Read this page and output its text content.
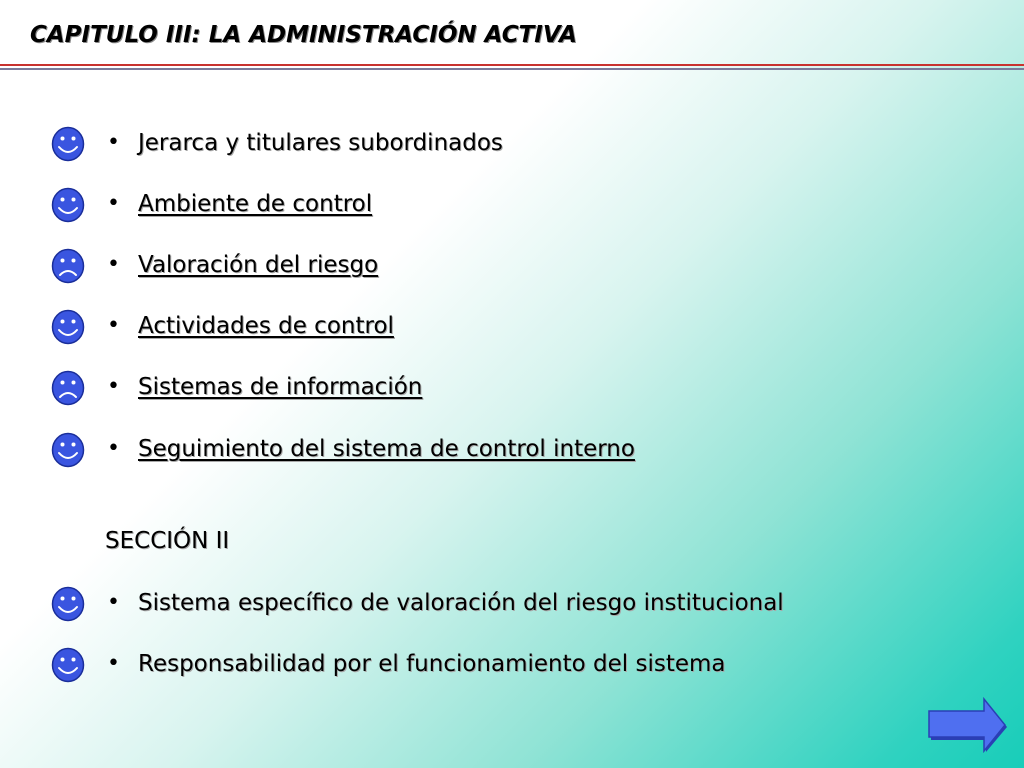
CAPITULO III: LA ADMINISTRACIÓN ACTIVA
• Jerarca y titulares subordinados
• Ambiente de control
• Valoración del riesgo
• Actividades de control
• Sistemas de información
• Seguimiento del sistema de control interno
SECCIÓN II
• Sistema específico de valoración del riesgo institucional
• Responsabilidad por el funcionamiento del sistema
